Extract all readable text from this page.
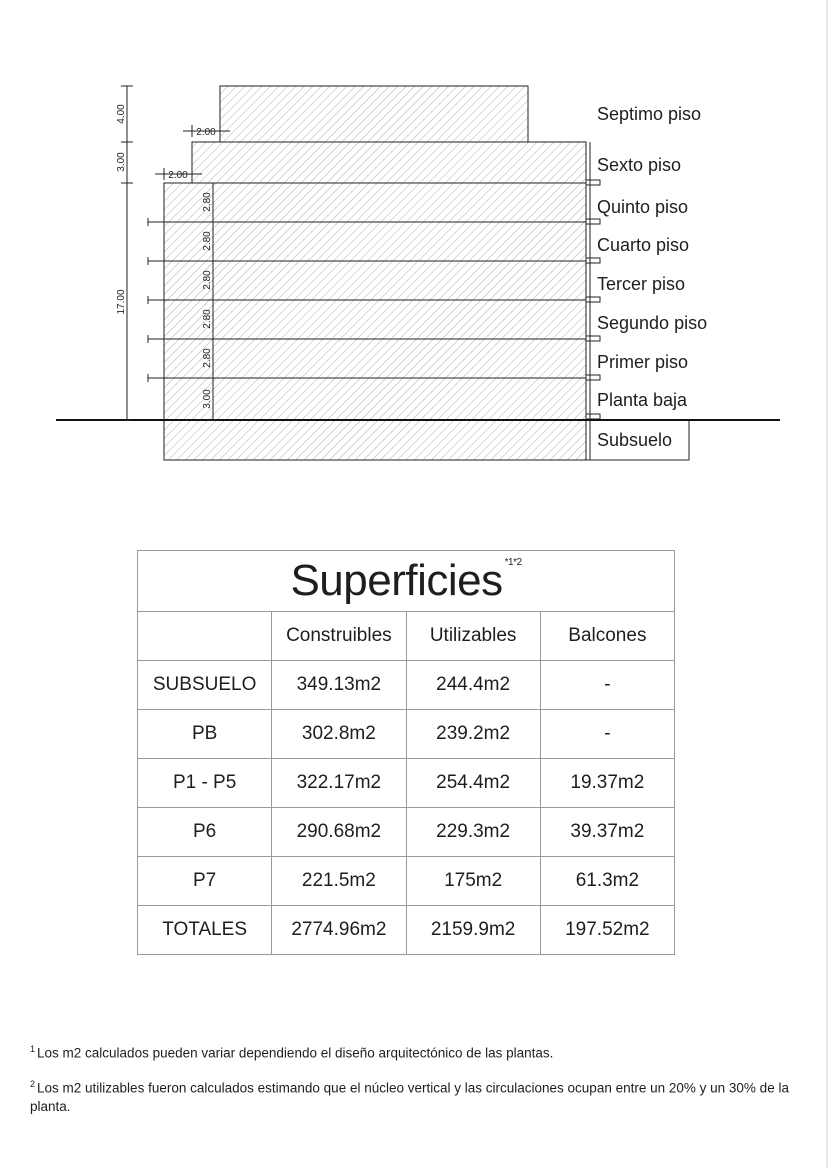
4.00
3.00
17.00
2.00
2.00
2.80
2.80
2.80
2.80
2.80
3.00
Septimo piso
Sexto piso
Quinto piso
Cuarto piso
Tercer piso
Segundo piso
Primer piso
Planta baja
Subsuelo
Superficies $^{*1*2}$
	Construibles	Utilizables	Balcones
SUBSUELO	349.13m2	244.4m2	-
PB	302.8m2	239.2m2	-
P1 - P5	322.17m2	254.4m2	19.37m2
P6	290.68m2	229.3m2	39.37m2
P7	221.5m2	175m2	61.3m2
TOTALES	2774.96m2	2159.9m2	197.52m2
$^1$ Los m2 calculados pueden variar dependiendo el diseño arquitectónico de las plantas.
$^2$ Los m2 utilizables fueron calculados estimando que el núcleo vertical y las circulaciones ocupan entre un 20% y un 30% de la planta.
